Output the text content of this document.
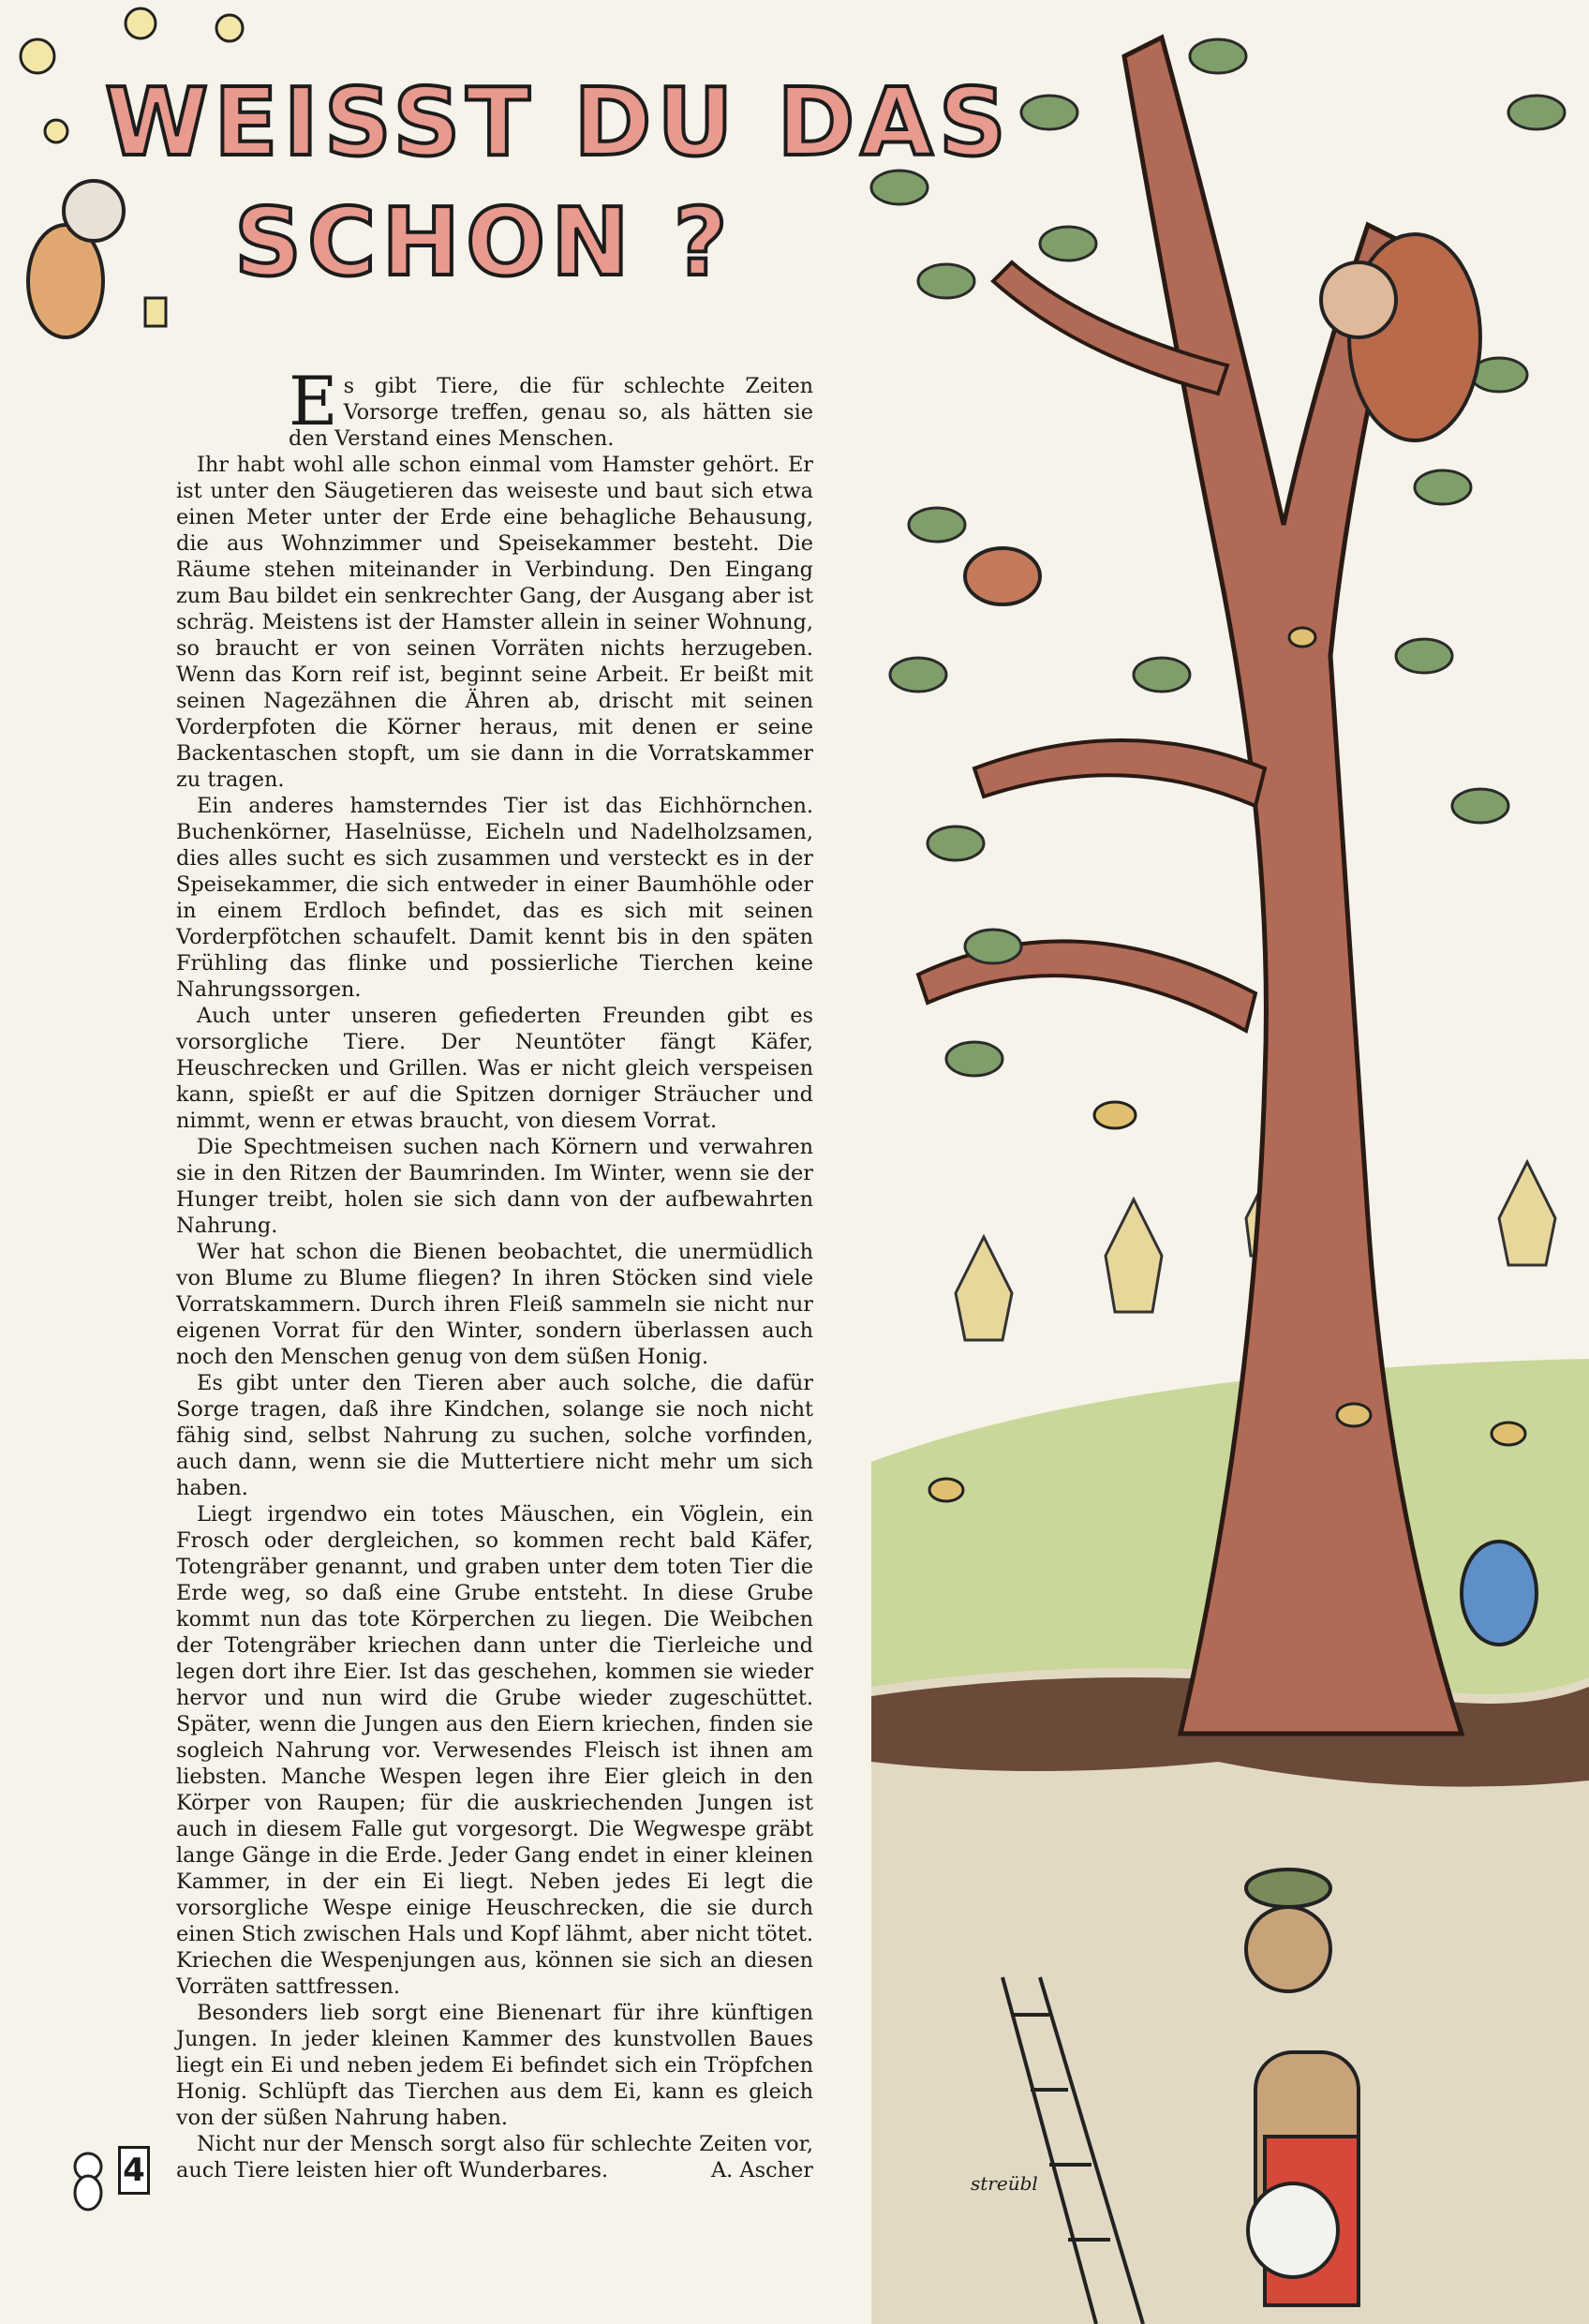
WEISST DU DAS
SCHON ?

Es gibt Tiere, die für schlechte Zeiten Vorsorge treffen, genau so, als hätten sie den Verstand eines Menschen.

Ihr habt wohl alle schon einmal vom Hamster gehört. Er ist unter den Säugetieren das weiseste und baut sich etwa einen Meter unter der Erde eine behagliche Behausung, die aus Wohnzimmer und Speisekammer besteht. Die Räume stehen miteinander in Verbindung. Den Eingang zum Bau bildet ein senkrechter Gang, der Ausgang aber ist schräg. Meistens ist der Hamster allein in seiner Wohnung, so braucht er von seinen Vorräten nichts herzugeben. Wenn das Korn reif ist, beginnt seine Arbeit. Er beißt mit seinen Nagezähnen die Ähren ab, drischt mit seinen Vorderpfoten die Körner heraus, mit denen er seine Backentaschen stopft, um sie dann in die Vorratskammer zu tragen.

Ein anderes hamsterndes Tier ist das Eichhörnchen. Buchenkörner, Haselnüsse, Eicheln und Nadelholzsamen, dies alles sucht es sich zusammen und versteckt es in der Speisekammer, die sich entweder in einer Baumhöhle oder in einem Erdloch befindet, das es sich mit seinen Vorderpfötchen schaufelt. Damit kennt bis in den späten Frühling das flinke und possierliche Tierchen keine Nahrungssorgen.

Auch unter unseren gefiederten Freunden gibt es vorsorgliche Tiere. Der Neuntöter fängt Käfer, Heuschrecken und Grillen. Was er nicht gleich verspeisen kann, spießt er auf die Spitzen dorniger Sträucher und nimmt, wenn er etwas braucht, von diesem Vorrat.

Die Spechtmeisen suchen nach Körnern und verwahren sie in den Ritzen der Baumrinden. Im Winter, wenn sie der Hunger treibt, holen sie sich dann von der aufbewahrten Nahrung.

Wer hat schon die Bienen beobachtet, die unermüdlich von Blume zu Blume fliegen? In ihren Stöcken sind viele Vorratskammern. Durch ihren Fleiß sammeln sie nicht nur eigenen Vorrat für den Winter, sondern überlassen auch noch den Menschen genug von dem süßen Honig.

Es gibt unter den Tieren aber auch solche, die dafür Sorge tragen, daß ihre Kindchen, solange sie noch nicht fähig sind, selbst Nahrung zu suchen, solche vorfinden, auch dann, wenn sie die Muttertiere nicht mehr um sich haben.

Liegt irgendwo ein totes Mäuschen, ein Vöglein, ein Frosch oder dergleichen, so kommen recht bald Käfer, Totengräber genannt, und graben unter dem toten Tier die Erde weg, so daß eine Grube entsteht. In diese Grube kommt nun das tote Körperchen zu liegen. Die Weibchen der Totengräber kriechen dann unter die Tierleiche und legen dort ihre Eier. Ist das geschehen, kommen sie wieder hervor und nun wird die Grube wieder zugeschüttet. Später, wenn die Jungen aus den Eiern kriechen, finden sie sogleich Nahrung vor. Verwesendes Fleisch ist ihnen am liebsten. Manche Wespen legen ihre Eier gleich in den Körper von Raupen; für die auskriechenden Jungen ist auch in diesem Falle gut vorgesorgt. Die Wegwespe gräbt lange Gänge in die Erde. Jeder Gang endet in einer kleinen Kammer, in der ein Ei liegt. Neben jedes Ei legt die vorsorgliche Wespe einige Heuschrecken, die sie durch einen Stich zwischen Hals und Kopf lähmt, aber nicht tötet. Kriechen die Wespenjungen aus, können sie sich an diesen Vorräten sattfressen.

Besonders lieb sorgt eine Bienenart für ihre künftigen Jungen. In jeder kleinen Kammer des kunstvollen Baues liegt ein Ei und neben jedem Ei befindet sich ein Tröpfchen Honig. Schlüpft das Tierchen aus dem Ei, kann es gleich von der süßen Nahrung haben.

Nicht nur der Mensch sorgt also für schlechte Zeiten vor, auch Tiere leisten hier oft Wunderbares.	A. Ascher

4	streübl
